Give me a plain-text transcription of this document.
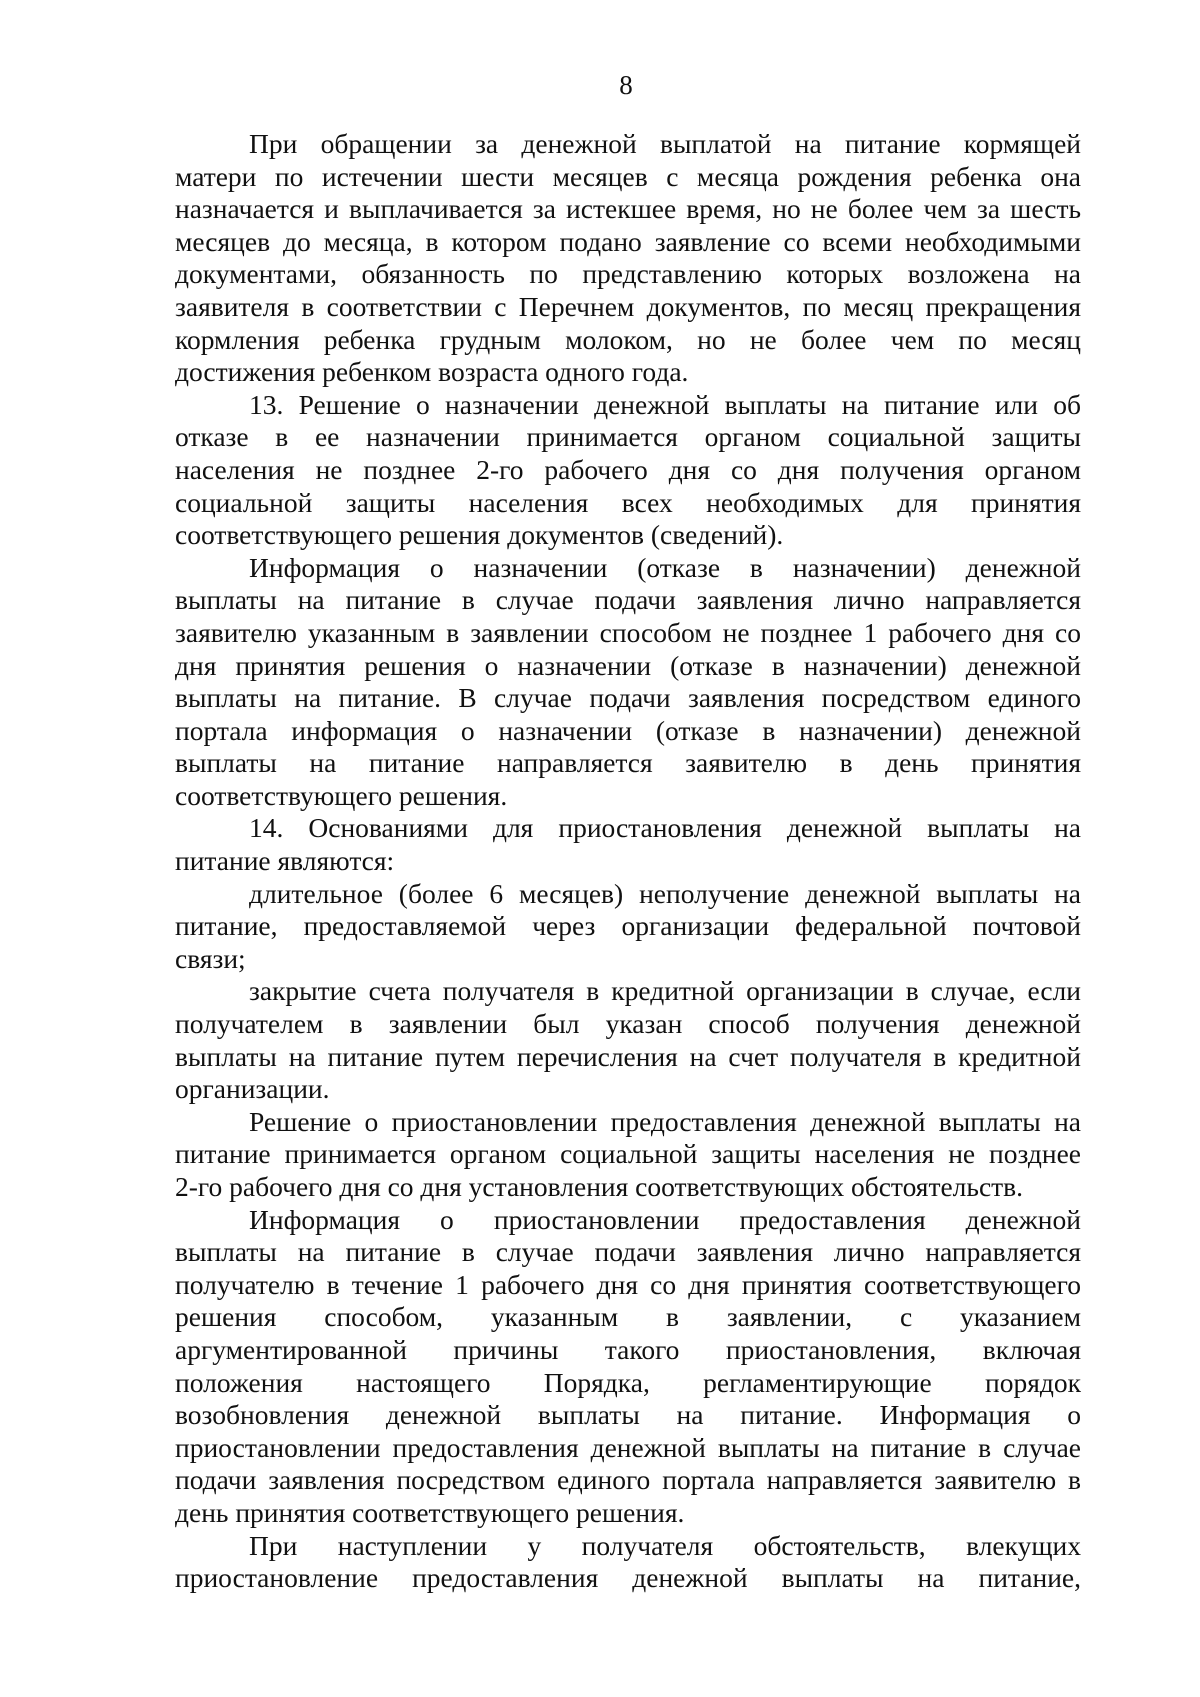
8
При обращении за денежной выплатой на питание кормящей
матери по истечении шести месяцев с месяца рождения ребенка она
назначается и выплачивается за истекшее время, но не более чем за шесть
месяцев до месяца, в котором подано заявление со всеми необходимыми
документами, обязанность по представлению которых возложена на
заявителя в соответствии с Перечнем документов, по месяц прекращения
кормления ребенка грудным молоком, но не более чем по месяц
достижения ребенком возраста одного года.
13. Решение о назначении денежной выплаты на питание или об
отказе в ее назначении принимается органом социальной защиты
населения не позднее 2-го рабочего дня со дня получения органом
социальной защиты населения всех необходимых для принятия
соответствующего решения документов (сведений).
Информация о назначении (отказе в назначении) денежной
выплаты на питание в случае подачи заявления лично направляется
заявителю указанным в заявлении способом не позднее 1 рабочего дня со
дня принятия решения о назначении (отказе в назначении) денежной
выплаты на питание. В случае подачи заявления посредством единого
портала информация о назначении (отказе в назначении) денежной
выплаты на питание направляется заявителю в день принятия
соответствующего решения.
14. Основаниями для приостановления денежной выплаты на
питание являются:
длительное (более 6 месяцев) неполучение денежной выплаты на
питание, предоставляемой через организации федеральной почтовой
связи;
закрытие счета получателя в кредитной организации в случае, если
получателем в заявлении был указан способ получения денежной
выплаты на питание путем перечисления на счет получателя в кредитной
организации.
Решение о приостановлении предоставления денежной выплаты на
питание принимается органом социальной защиты населения не позднее
2-го рабочего дня со дня установления соответствующих обстоятельств.
Информация о приостановлении предоставления денежной
выплаты на питание в случае подачи заявления лично направляется
получателю в течение 1 рабочего дня со дня принятия соответствующего
решения способом, указанным в заявлении, с указанием
аргументированной причины такого приостановления, включая
положения настоящего Порядка, регламентирующие порядок
возобновления денежной выплаты на питание. Информация о
приостановлении предоставления денежной выплаты на питание в случае
подачи заявления посредством единого портала направляется заявителю в
день принятия соответствующего решения.
При наступлении у получателя обстоятельств, влекущих
приостановление предоставления денежной выплаты на питание,
